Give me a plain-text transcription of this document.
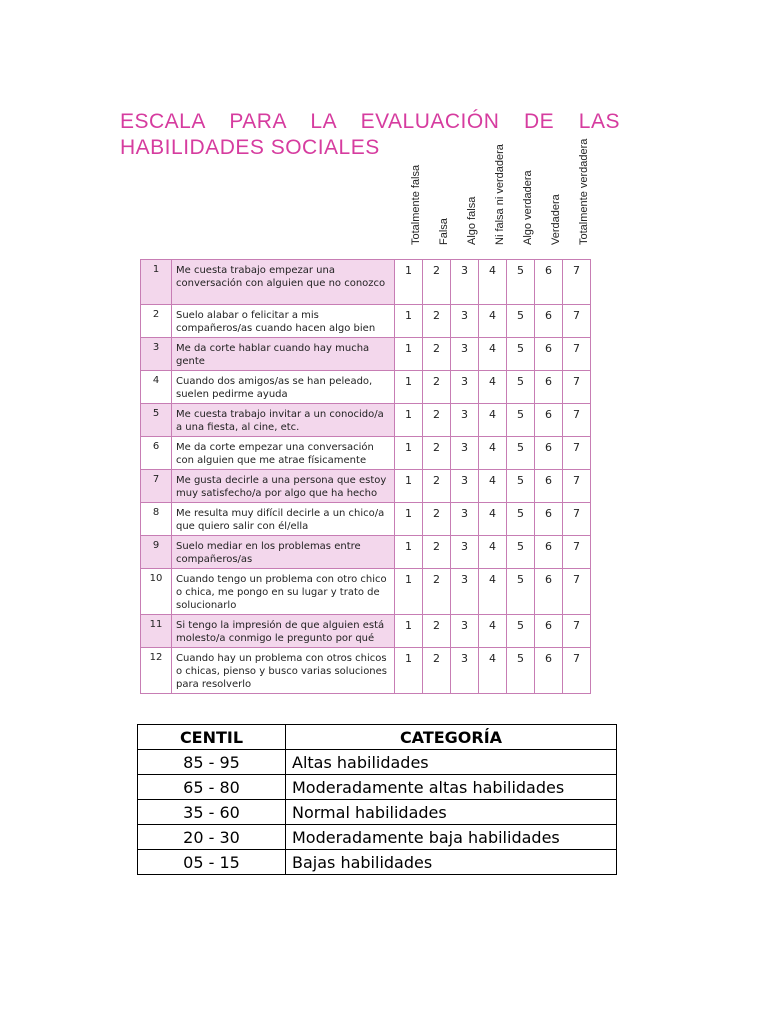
ESCALA PARA LA EVALUACIÓN DE LAS
HABILIDADES SOCIALES
Totalmente falsa Falsa Algo falsa Ni falsa ni verdadera Algo verdadera Verdadera Totalmente verdadera
1	Me cuesta trabajo empezar una conversación con alguien que no conozco	1	2	3	4	5	6	7
2	Suelo alabar o felicitar a mis compañeros/as cuando hacen algo bien	1	2	3	4	5	6	7
3	Me da corte hablar cuando hay mucha gente	1	2	3	4	5	6	7
4	Cuando dos amigos/as se han peleado, suelen pedirme ayuda	1	2	3	4	5	6	7
5	Me cuesta trabajo invitar a un conocido/a a una fiesta, al cine, etc.	1	2	3	4	5	6	7
6	Me da corte empezar una conversación con alguien que me atrae físicamente	1	2	3	4	5	6	7
7	Me gusta decirle a una persona que estoy muy satisfecho/a por algo que ha hecho	1	2	3	4	5	6	7
8	Me resulta muy difícil decirle a un chico/a que quiero salir con él/ella	1	2	3	4	5	6	7
9	Suelo mediar en los problemas entre compañeros/as	1	2	3	4	5	6	7
10	Cuando tengo un problema con otro chico o chica, me pongo en su lugar y trato de solucionarlo	1	2	3	4	5	6	7
11	Si tengo la impresión de que alguien está molesto/a conmigo le pregunto por qué	1	2	3	4	5	6	7
12	Cuando hay un problema con otros chicos o chicas, pienso y busco varias soluciones para resolverlo	1	2	3	4	5	6	7
CENTIL	CATEGORÍA
85 - 95	Altas habilidades
65 - 80	Moderadamente altas habilidades
35 - 60	Normal habilidades
20 - 30	Moderadamente baja habilidades
05 - 15	Bajas habilidades
